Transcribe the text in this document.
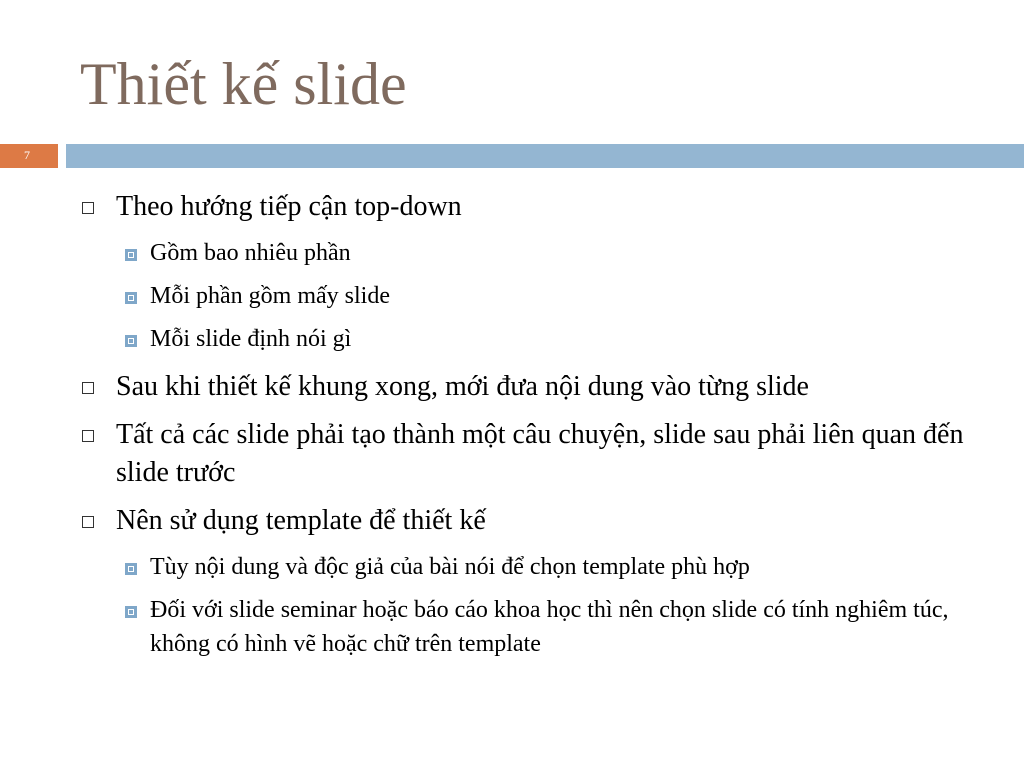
Thiết kế slide
7
Theo hướng tiếp cận top-down
Gồm bao nhiêu phần
Mỗi phần gồm mấy slide
Mỗi slide định nói gì
Sau khi thiết kế khung xong, mới đưa nội dung vào từng slide
Tất cả các slide phải tạo thành một câu chuyện, slide sau phải liên quan đến slide trước
Nên sử dụng template để thiết kế
Tùy nội dung và độc giả của bài nói để chọn template phù hợp
Đối với slide seminar hoặc báo cáo khoa học thì nên chọn slide có tính nghiêm túc, không có hình vẽ hoặc chữ trên template
